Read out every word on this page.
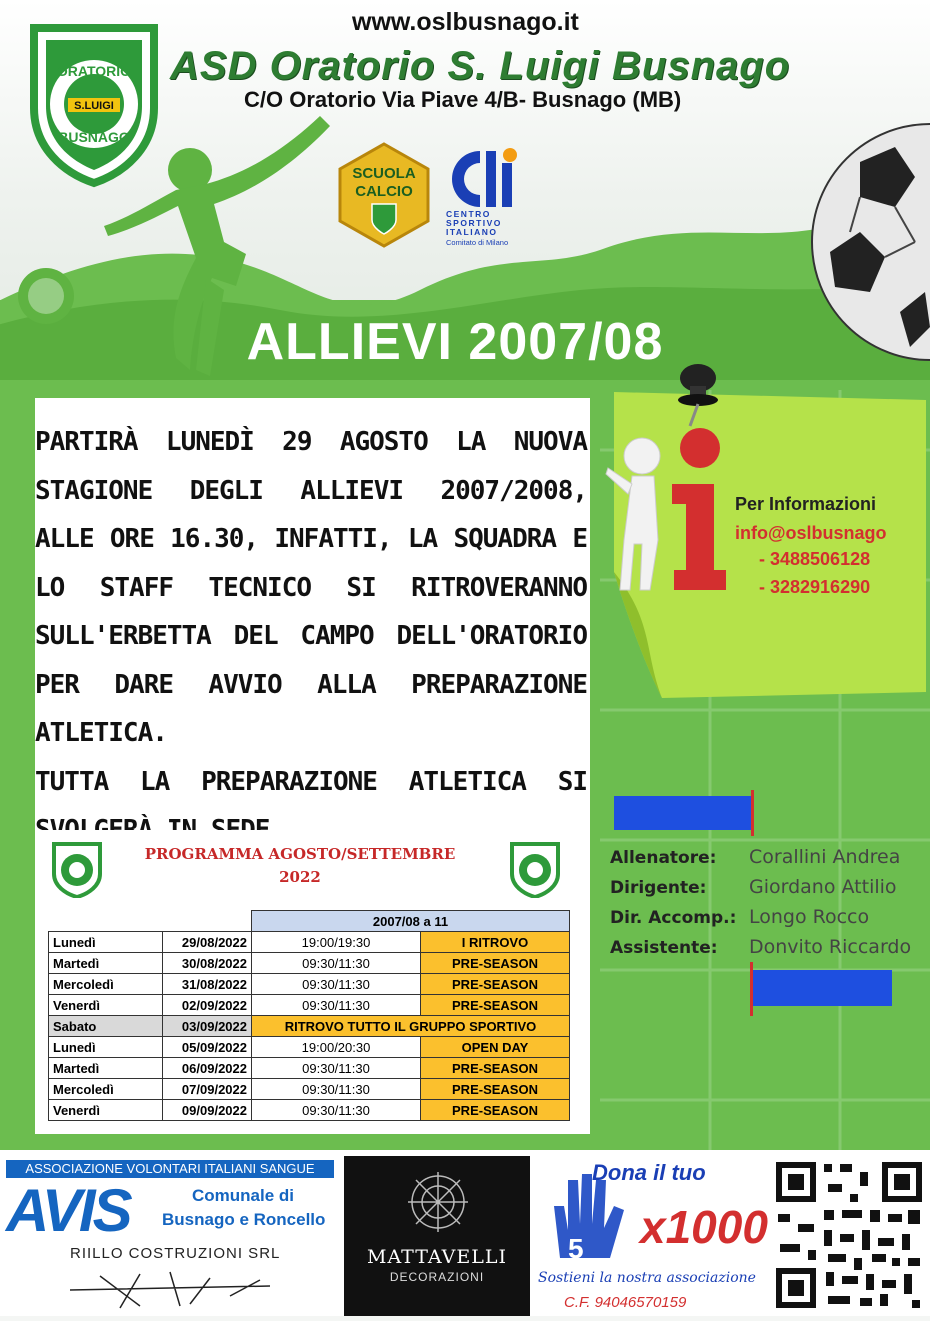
ORATORIO
S.LUIGI
BUSNAGO
www.oslbusnago.it
ASD Oratorio S. Luigi Busnago
C/O Oratorio Via Piave 4/B- Busnago (MB)
SCUOLA
CALCIO
CENTRO
SPORTIVO
ITALIANO
Comitato di Milano
ALLIEVI 2007/08

PARTIRÀ LUNEDÌ 29 AGOSTO LA NUOVA STAGIONE DEGLI ALLIEVI 2007/2008, ALLE ORE 16.30, INFATTI, LA SQUADRA E LO STAFF TECNICO SI RITROVERANNO SULL'ERBETTA DEL CAMPO DELL'ORATORIO PER DARE AVVIO ALLA PREPARAZIONE ATLETICA.

TUTTA LA PREPARAZIONE ATLETICA SI

PROGRAMMA AGOSTO/SETTEMBRE
2022
		2007/08 a 11	
Lunedì	29/08/2022	19:00/19:30	I RITROVO
Martedì	30/08/2022	09:30/11:30	PRE-SEASON
Mercoledì	31/08/2022	09:30/11:30	PRE-SEASON
Venerdì	02/09/2022	09:30/11:30	PRE-SEASON
Sabato	03/09/2022	RITROVO TUTTO IL GRUPPO SPORTIVO	
Lunedì	05/09/2022	19:00/20:30	OPEN DAY
Martedì	06/09/2022	09:30/11:30	PRE-SEASON
Mercoledì	07/09/2022	09:30/11:30	PRE-SEASON
Venerdì	09/09/2022	09:30/11:30	PRE-SEASON
Per Informazioni
info@oslbusnago
- 3488506128
- 3282916290
Allenatore: Corallini Andrea
Dirigente: Giordano Attilio
Dir. Accomp.: Longo Rocco
Assistente: Donvito Riccardo
ASSOCIAZIONE VOLONTARI ITALIANI SANGUE
AVIS	Comunale di
Busnago e Roncello
RIILLO COSTRUZIONI SRL	MATTAVELLI
DECORAZIONI
5
Dona il tuo
x1000
Sostieni la nostra associazione
C.F. 94046570159
